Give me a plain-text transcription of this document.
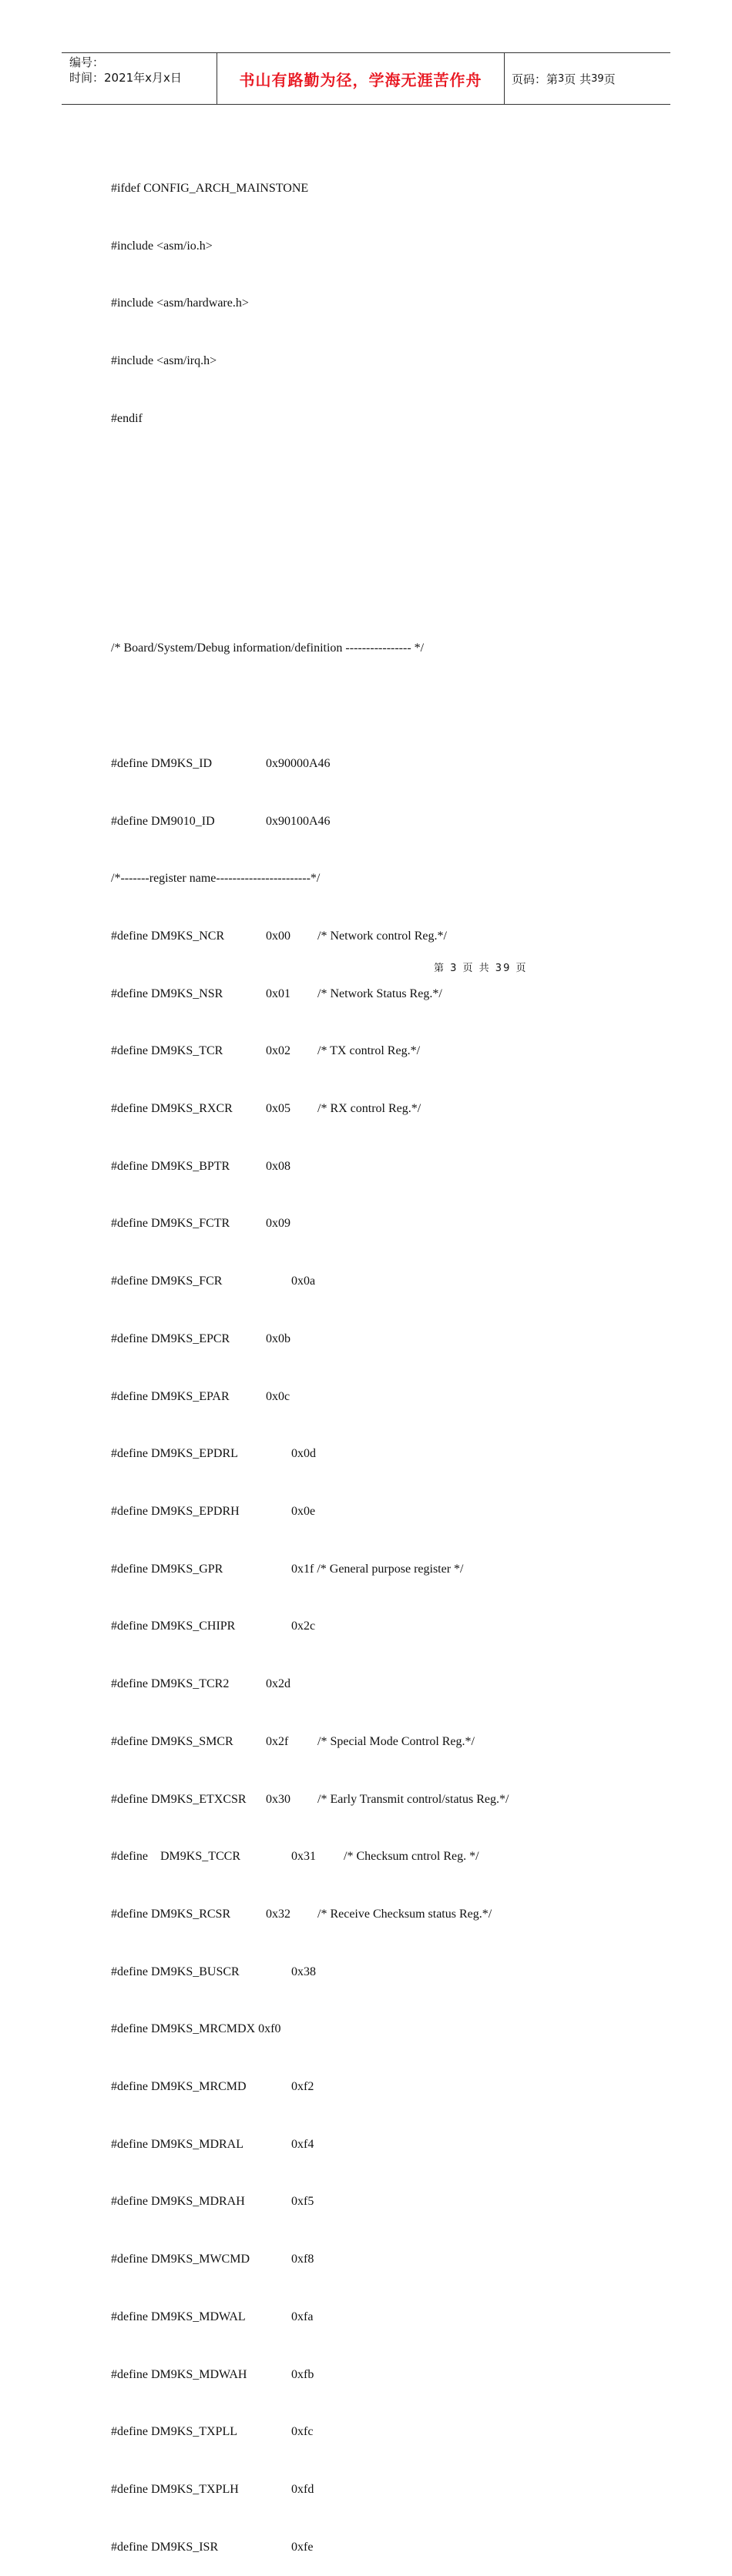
编号：
时间：2021年x月x日	书山有路勤为径，学海无涯苦作舟	页码：第 3 页 共 39 页

#ifdef CONFIG_ARCH_MAINSTONE

#include <asm/io.h>

#include <asm/hardware.h>

#include <asm/irq.h>

#endif

/* Board/System/Debug information/definition ---------------- */

#define DM9KS_ID	0x90000A46

#define DM9010_ID	0x90100A46

/*-------register name-----------------------*/

#define DM9KS_NCR	0x00 /* Network control Reg.*/

#define DM9KS_NSR	0x01 /* Network Status Reg.*/

#define DM9KS_TCR	0x02 /* TX control Reg.*/

#define DM9KS_RXCR	0x05 /* RX control Reg.*/

#define DM9KS_BPTR	0x08

#define DM9KS_FCTR	0x09

#define DM9KS_FCR	0x0a

#define DM9KS_EPCR	0x0b

#define DM9KS_EPAR	0x0c

#define DM9KS_EPDRL	0x0d

#define DM9KS_EPDRH	0x0e

#define DM9KS_GPR	0x1f /* General purpose register */

#define DM9KS_CHIPR	0x2c

#define DM9KS_TCR2	0x2d

#define DM9KS_SMCR	0x2f /* Special Mode Control Reg.*/

#define DM9KS_ETXCSR 0x30 /* Early Transmit control/status Reg.*/

#define    DM9KS_TCCR	0x31 /* Checksum cntrol Reg. */

#define DM9KS_RCSR	0x32 /* Receive Checksum status Reg.*/

#define DM9KS_BUSCR	0x38

#define DM9KS_MRCMDX 0xf0

#define DM9KS_MRCMD	0xf2

#define DM9KS_MDRAL	0xf4

#define DM9KS_MDRAH	0xf5

#define DM9KS_MWCMD	0xf8

#define DM9KS_MDWAL	0xfa

#define DM9KS_MDWAH	0xfb

#define DM9KS_TXPLL	0xfc

#define DM9KS_TXPLH	0xfd

#define DM9KS_ISR	0xfe

第 3 页 共 39 页
